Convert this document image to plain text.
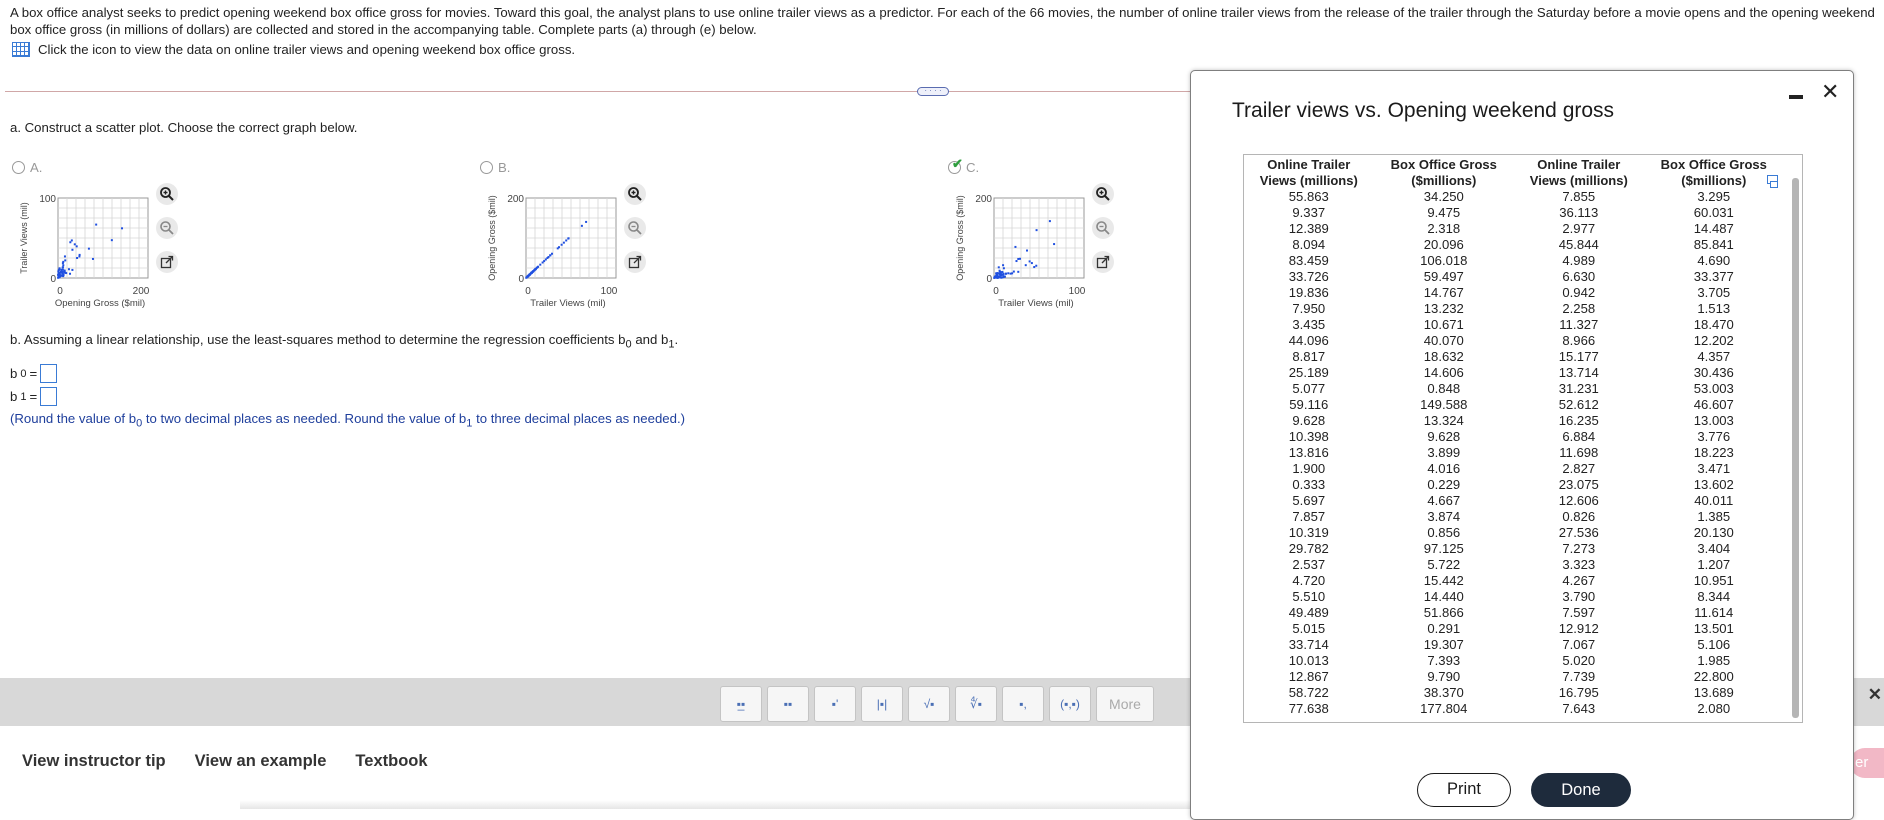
A box office analyst seeks to predict opening weekend box office gross for movies. Toward this goal, the analyst plans to use online trailer views as a predictor. For each of the 66 movies, the number of online trailer views from the release of the trailer through the Saturday before a movie opens and the opening weekend box office gross (in millions of dollars) are collected and stored in the accompanying table. Complete parts (a) through (e) below.
Click the icon to view the data on online trailer views and opening weekend box office gross.
· · · ·
a. Construct a scatter plot. Choose the correct graph below.
A.
Trailer Views (mil)
100
0
0	200
Opening Gross ($mil)
B.
Opening Gross ($mil) 200
0
0	100
Trailer Views (mil)
✔ C.
Opening Gross ($mil) 200
0
0	100
Trailer Views (mil)
b. Assuming a linear relationship, use the least-squares method to determine the regression coefficients $b_0$ and $b_1$.
b 0 =
b 1 =
(Round the value of $b_0$ to two decimal places as needed. Round the value of $b_1$ to three decimal places as needed.)
▪̲▪	▪▪	▪'	|▪|	√▪	∜▪	▪,	(▪,▪)	More	✕
View instructor tip View an example Textbook	er
✕
Trailer views vs. Opening weekend gross
Online Trailer
Views (millions)	Box Office Gross
($millions)	Online Trailer
Views (millions)	Box Office Gross
($millions)
55.863	34.250	7.855	3.295
9.337	9.475	36.113	60.031
12.389	2.318	2.977	14.487
8.094	20.096	45.844	85.841
83.459	106.018	4.989	4.690
33.726	59.497	6.630	33.377
19.836	14.767	0.942	3.705
7.950	13.232	2.258	1.513
3.435	10.671	11.327	18.470
44.096	40.070	8.966	12.202
8.817	18.632	15.177	4.357
25.189	14.606	13.714	30.436
5.077	0.848	31.231	53.003
59.116	149.588	52.612	46.607
9.628	13.324	16.235	13.003
10.398	9.628	6.884	3.776
13.816	3.899	11.698	18.223
1.900	4.016	2.827	3.471
0.333	0.229	23.075	13.602
5.697	4.667	12.606	40.011
7.857	3.874	0.826	1.385
10.319	0.856	27.536	20.130
29.782	97.125	7.273	3.404
2.537	5.722	3.323	1.207
4.720	15.442	4.267	10.951
5.510	14.440	3.790	8.344
49.489	51.866	7.597	11.614
5.015	0.291	12.912	13.501
33.714	19.307	7.067	5.106
10.013	7.393	5.020	1.985
12.867	9.790	7.739	22.800
58.722	38.370	16.795	13.689
77.638	177.804	7.643	2.080
Print	Done
